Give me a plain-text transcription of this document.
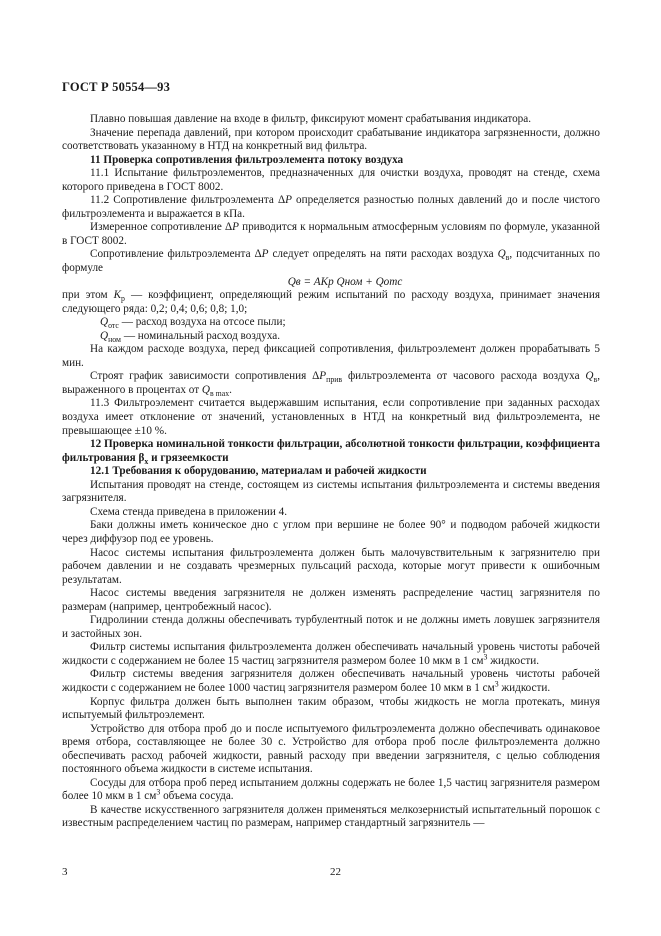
ГОСТ Р 50554—93

Плавно повышая давление на входе в фильтр, фиксируют момент срабатывания индикатора.

Значение перепада давлений, при котором происходит срабатывание индикатора загрязненности, должно соответствовать указанному в НТД на конкретный вид фильтра.

11 Проверка сопротивления фильтроэлемента потоку воздуха

11.1 Испытание фильтроэлементов, предназначенных для очистки воздуха, проводят на стенде, схема которого приведена в ГОСТ 8002.

11.2 Сопротивление фильтроэлемента ΔP определяется разностью полных давлений до и после чистого фильтроэлемента и выражается в кПа.

Измеренное сопротивление ΔP приводится к нормальным атмосферным условиям по формуле, указанной в ГОСТ 8002.

Сопротивление фильтроэлемента ΔP следует определять на пяти расходах воздуха $Q_в$, подсчитанных по формуле

Qв = AKр Qном + Qотс

при этом $K_р$ — коэффициент, определяющий режим испытаний по расходу воздуха, принимает значения следующего ряда: 0,2; 0,4; 0,6; 0,8; 1,0;

$Q_{отс}$ — расход воздуха на отсосе пыли;

$Q_{ном}$ — номинальный расход воздуха.

На каждом расходе воздуха, перед фиксацией сопротивления, фильтроэлемент должен прорабатывать 5 мин.

Строят график зависимости сопротивления $\Delta P_{прив}$ фильтроэлемента от часового расхода воздуха $Q_в$, выраженного в процентах от $Q_{в max}$.

11.3 Фильтроэлемент считается выдержавшим испытания, если сопротивление при заданных расходах воздуха имеет отклонение от значений, установленных в НТД на конкретный вид фильтроэлемента, не превышающее ±10 %.

12 Проверка номинальной тонкости фильтрации, абсолютной тонкости фильтрации, коэффициента фильтрования $\beta_x$ и грязеемкости

12.1 Требования к оборудованию, материалам и рабочей жидкости

Испытания проводят на стенде, состоящем из системы испытания фильтроэлемента и системы введения загрязнителя.

Схема стенда приведена в приложении 4.

Баки должны иметь коническое дно с углом при вершине не более 90° и подводом рабочей жидкости через диффузор под ее уровень.

Насос системы испытания фильтроэлемента должен быть малочувствительным к загрязнителю при рабочем давлении и не создавать чрезмерных пульсаций расхода, которые могут привести к ошибочным результатам.

Насос системы введения загрязнителя не должен изменять распределение частиц загрязнителя по размерам (например, центробежный насос).

Гидролинии стенда должны обеспечивать турбулентный поток и не должны иметь ловушек загрязнителя и застойных зон.

Фильтр системы испытания фильтроэлемента должен обеспечивать начальный уровень чистоты рабочей жидкости с содержанием не более 15 частиц загрязнителя размером более 10 мкм в 1 $см^3$ жидкости.

Фильтр системы введения загрязнителя должен обеспечивать начальный уровень чистоты рабочей жидкости с содержанием не более 1000 частиц загрязнителя размером более 10 мкм в 1 $см^3$ жидкости.

Корпус фильтра должен быть выполнен таким образом, чтобы жидкость не могла протекать, минуя испытуемый фильтроэлемент.

Устройство для отбора проб до и после испытуемого фильтроэлемента должно обеспечивать одинаковое время отбора, составляющее не более 30 с. Устройство для отбора проб после фильтроэлемента должно обеспечивать расход рабочей жидкости, равный расходу при введении загрязнителя, с целью соблюдения постоянного объема жидкости в системе испытания.

Сосуды для отбора проб перед испытанием должны содержать не более 1,5 частиц загрязнителя размером более 10 мкм в 1 $см^3$ объема сосуда.

В качестве искусственного загрязнителя должен применяться мелкозернистый испытательный порошок с известным распределением частиц по размерам, например стандартный загрязнитель —

3	22
